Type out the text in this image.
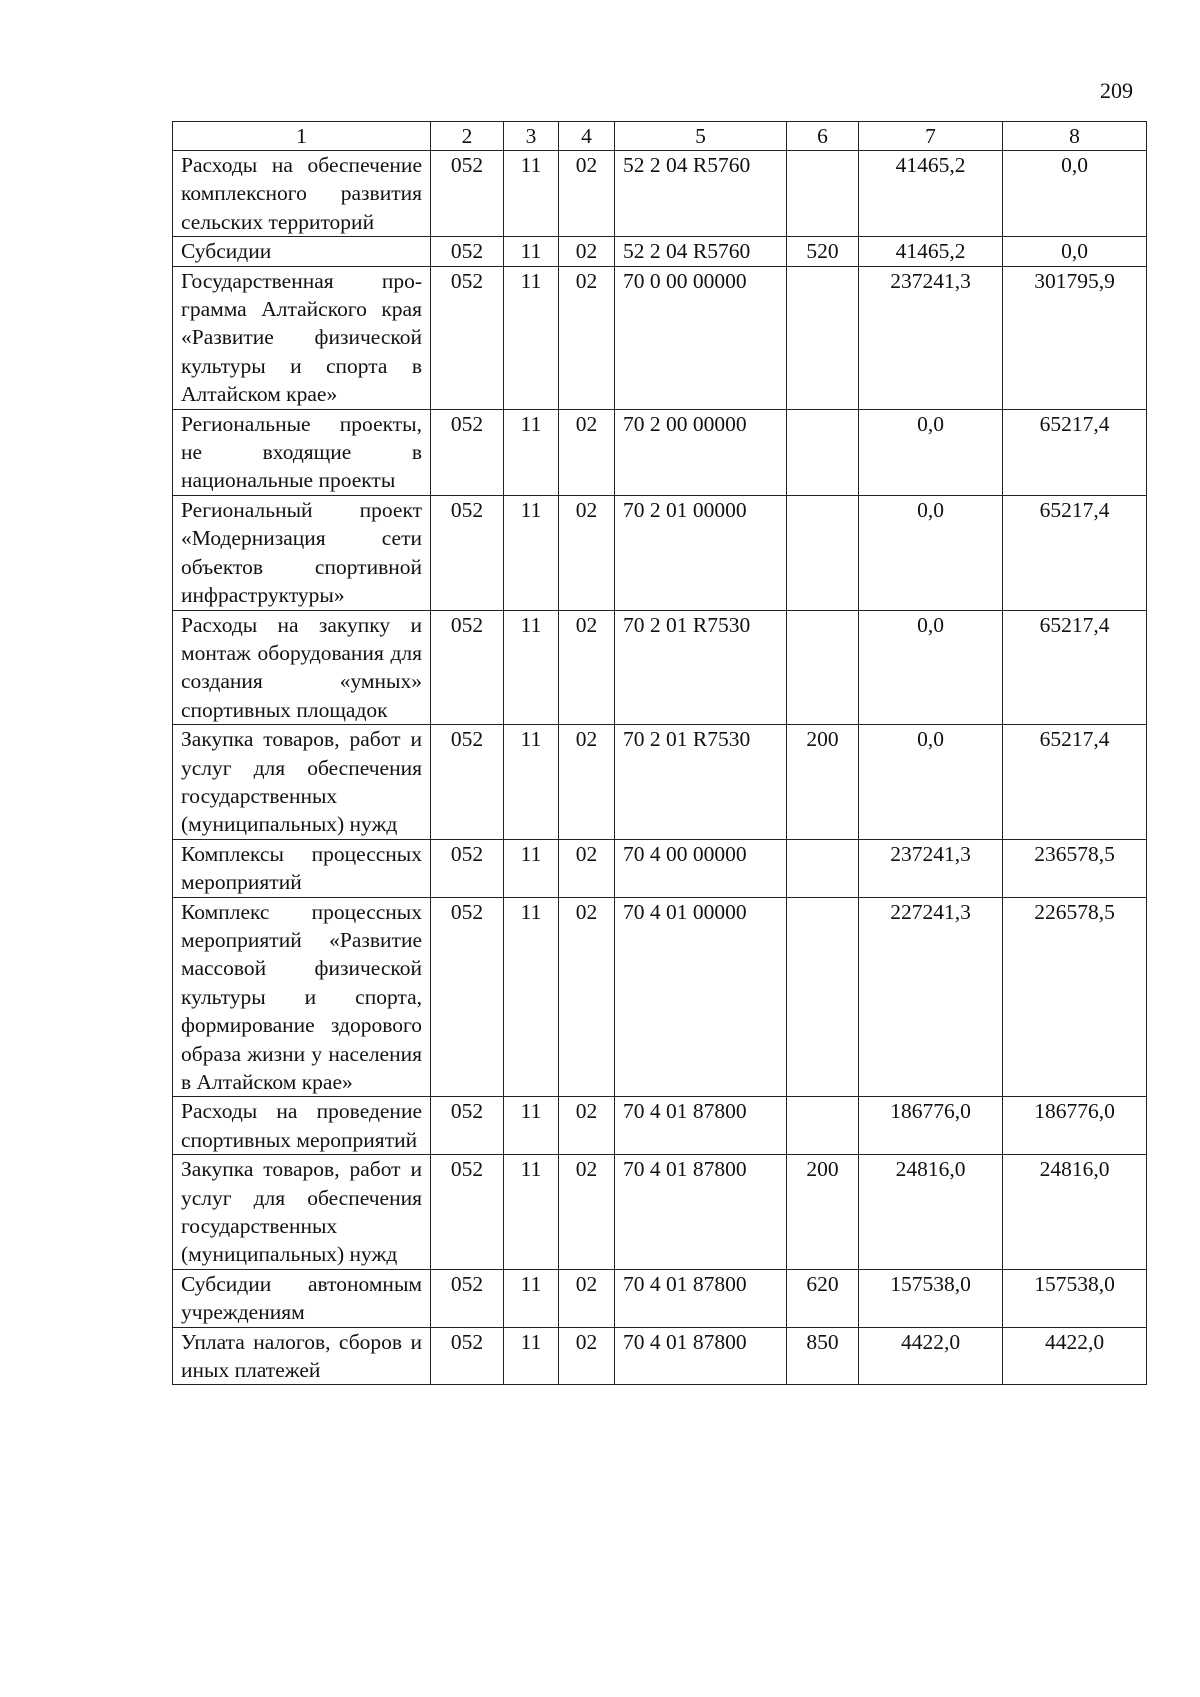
209
1	2	3	4	5	6	7	8
Расходы на обеспечение комплексного развития сельских территорий	052	11	02	52 2 04 R5760		41465,2	0,0
Субсидии	052	11	02	52 2 04 R5760	520	41465,2	0,0
Государственная программа Алтайского края «Развитие физической культуры и спорта в Алтайском крае»	052	11	02	70 0 00 00000		237241,3	301795,9
Региональные проекты, не входящие в национальные проекты	052	11	02	70 2 00 00000		0,0	65217,4
Региональный проект «Модернизация сети объектов спортивной инфраструктуры»	052	11	02	70 2 01 00000		0,0	65217,4
Расходы на закупку и монтаж оборудования для создания «умных» спортивных площадок	052	11	02	70 2 01 R7530		0,0	65217,4
Закупка товаров, работ и услуг для обеспечения государственных (муниципальных) нужд	052	11	02	70 2 01 R7530	200	0,0	65217,4
Комплексы процессных мероприятий	052	11	02	70 4 00 00000		237241,3	236578,5
Комплекс процессных мероприятий «Развитие массовой физической культуры и спорта, формирование здорового образа жизни у населения в Алтайском крае»	052	11	02	70 4 01 00000		227241,3	226578,5
Расходы на проведение спортивных мероприятий	052	11	02	70 4 01 87800		186776,0	186776,0
Закупка товаров, работ и услуг для обеспечения государственных (муниципальных) нужд	052	11	02	70 4 01 87800	200	24816,0	24816,0
Субсидии автономным учреждениям	052	11	02	70 4 01 87800	620	157538,0	157538,0
Уплата налогов, сборов и иных платежей	052	11	02	70 4 01 87800	850	4422,0	4422,0
